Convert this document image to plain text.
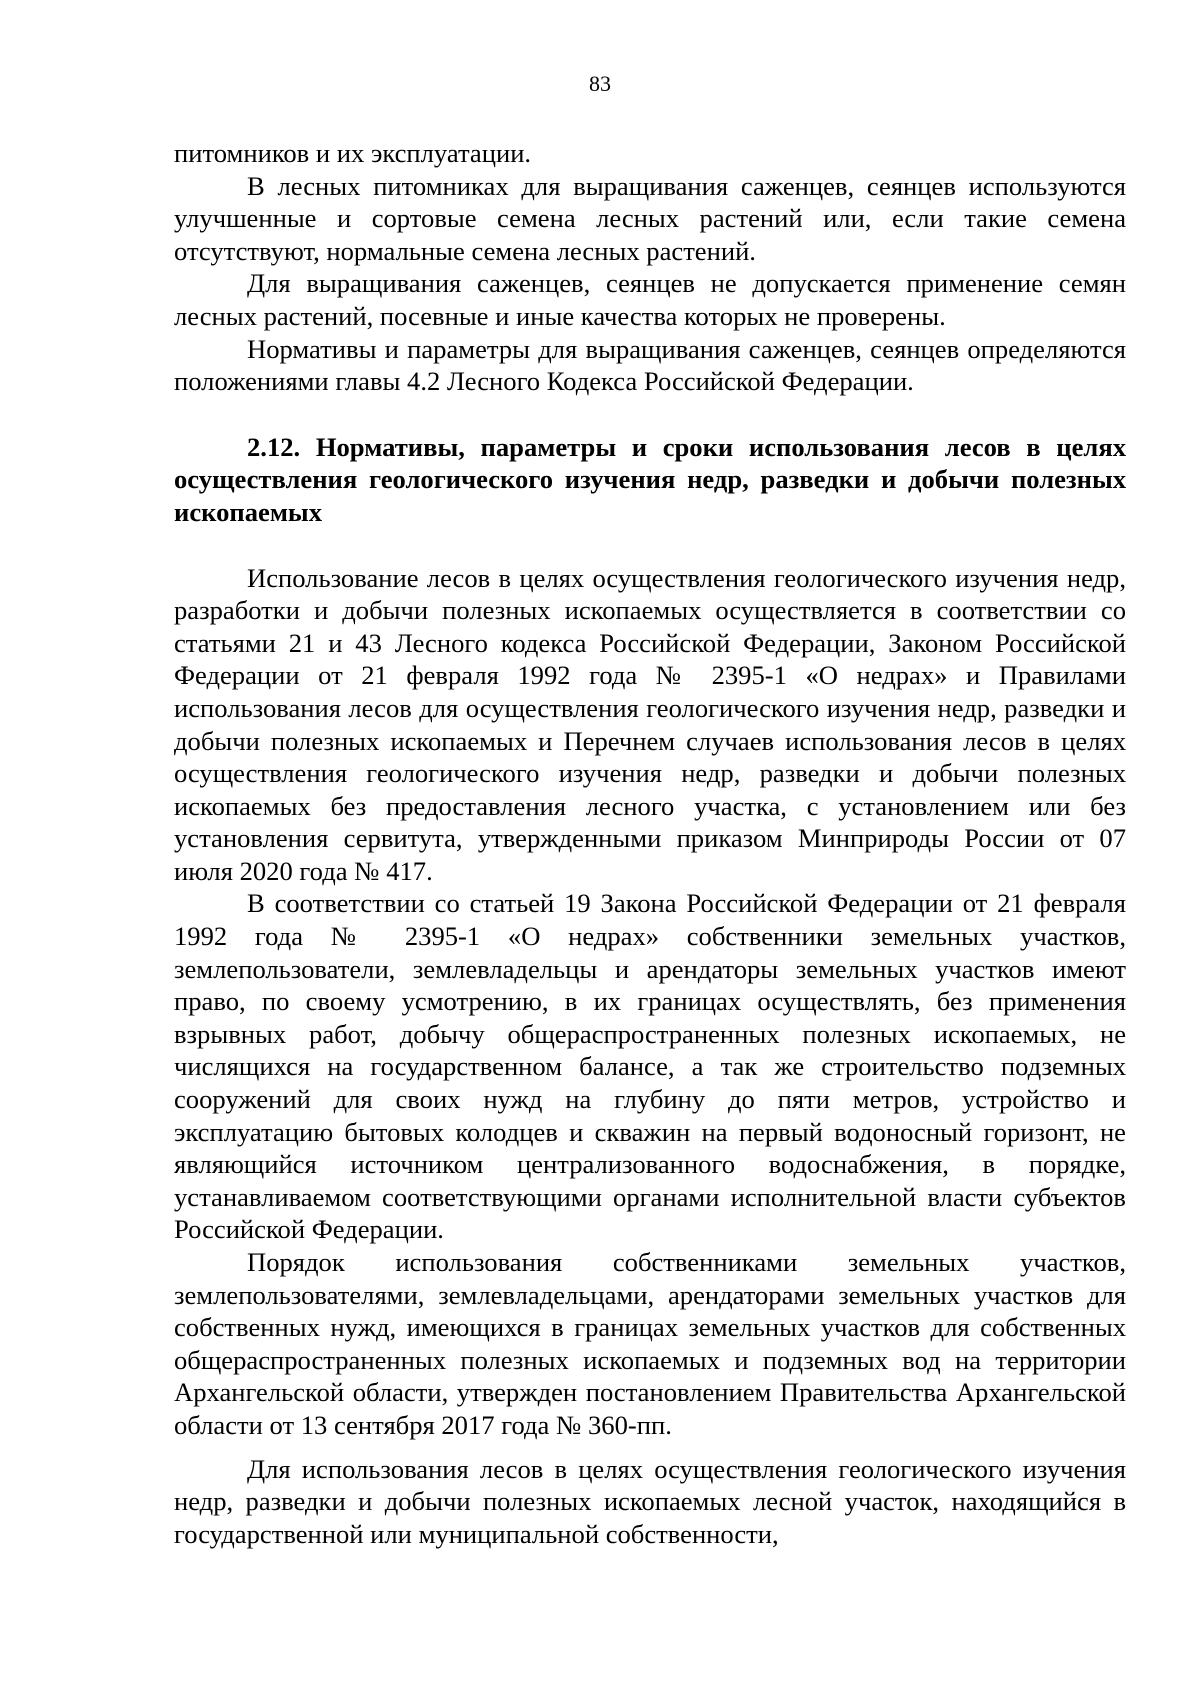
83

питомников и их эксплуатации.

В лесных питомниках для выращивания саженцев, сеянцев используются улучшенные и сортовые семена лесных растений или, если такие семена отсутствуют, нормальные семена лесных растений.

Для выращивания саженцев, сеянцев не допускается применение семян лесных растений, посевные и иные качества которых не проверены.

Нормативы и параметры для выращивания саженцев, сеянцев определяются положениями главы 4.2 Лесного Кодекса Российской Федерации.

2.12. Нормативы, параметры и сроки использования лесов в целях осуществления геологического изучения недр, разведки и добычи полезных ископаемых

Использование лесов в целях осуществления геологического изучения недр, разработки и добычи полезных ископаемых осуществляется в соответствии со статьями 21 и 43 Лесного кодекса Российской Федерации, Законом Российской Федерации от 21 февраля 1992 года № 2395-1 «О недрах» и Правилами использования лесов для осуществления геологического изучения недр, разведки и добычи полезных ископаемых и Перечнем случаев использования лесов в целях осуществления геологического изучения недр, разведки и добычи полезных ископаемых без предоставления лесного участка, с установлением или без установления сервитута, утвержденными приказом Минприроды России от 07 июля 2020 года № 417.

В соответствии со статьей 19 Закона Российской Федерации от 21 февраля 1992 года № 2395-1 «О недрах» собственники земельных участков, землепользователи, землевладельцы и арендаторы земельных участков имеют право, по своему усмотрению, в их границах осуществлять, без применения взрывных работ, добычу общераспространенных полезных ископаемых, не числящихся на государственном балансе, а так же строительство подземных сооружений для своих нужд на глубину до пяти метров, устройство и эксплуатацию бытовых колодцев и скважин на первый водоносный горизонт, не являющийся источником централизованного водоснабжения, в порядке, устанавливаемом соответствующими органами исполнительной власти субъектов Российской Федерации.

Порядок использования собственниками земельных участков, землепользователями, землевладельцами, арендаторами земельных участков для собственных нужд, имеющихся в границах земельных участков для собственных общераспространенных полезных ископаемых и подземных вод на территории Архангельской области, утвержден постановлением Правительства Архангельской области от 13 сентября 2017 года № 360-пп.

Для использования лесов в целях осуществления геологического изучения недр, разведки и добычи полезных ископаемых лесной участок, находящийся в государственной или муниципальной собственности,
